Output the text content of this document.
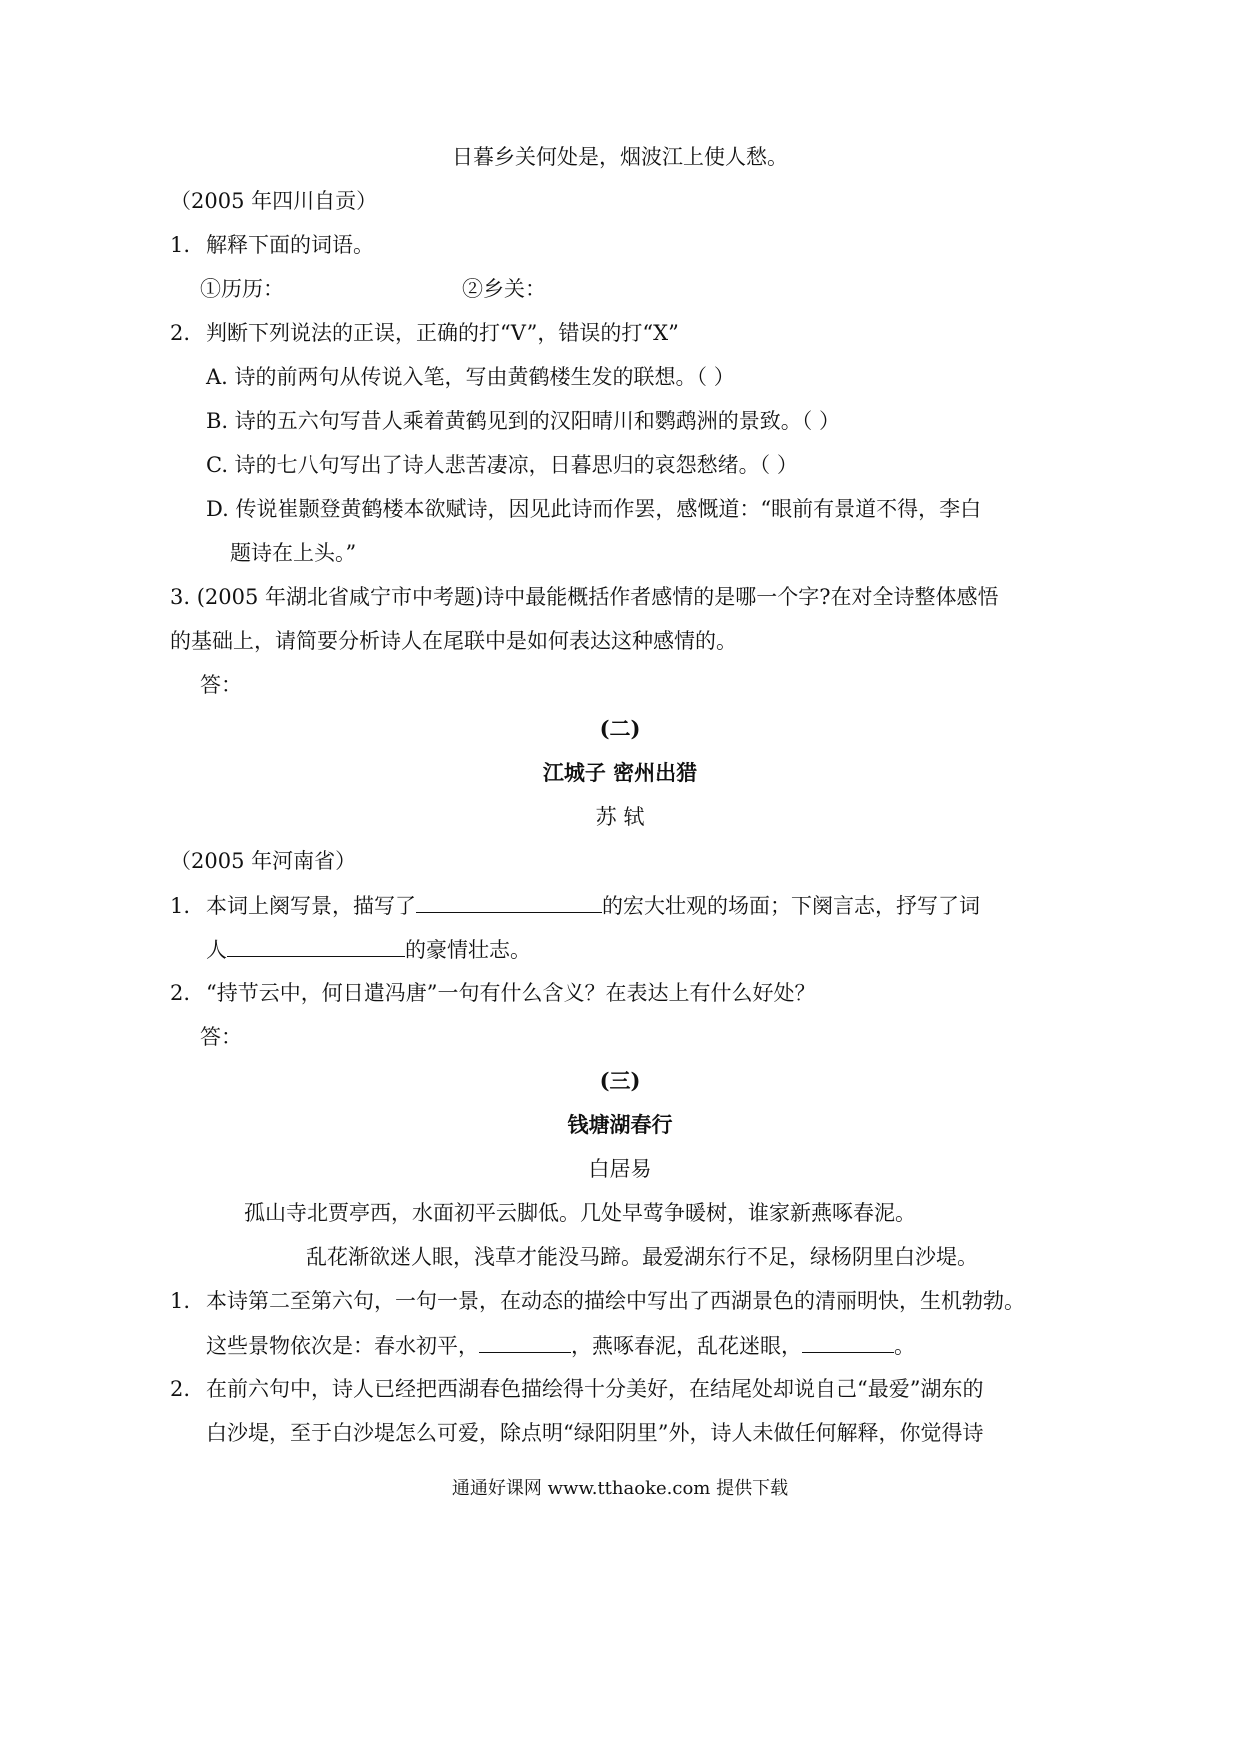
日暮乡关何处是，烟波江上使人愁。
（2005 年四川自贡）
1. 解释下面的词语。
①历历：	②乡关：
2. 判断下列说法的正误，正确的打“V”，错误的打“X”
A. 诗的前两句从传说入笔，写由黄鹤楼生发的联想。（ ）
B. 诗的五六句写昔人乘着黄鹤见到的汉阳晴川和鹦鹉洲的景致。（ ）
C. 诗的七八句写出了诗人悲苦凄凉，日暮思归的哀怨愁绪。（ ）
D. 传说崔颢登黄鹤楼本欲赋诗，因见此诗而作罢，感慨道：“眼前有景道不得，李白
题诗在上头。”
3. (2005 年湖北省咸宁市中考题)诗中最能概括作者感情的是哪一个字?在对全诗整体感悟
的基础上，请简要分析诗人在尾联中是如何表达这种感情的。
答：
(二)
江城子 密州出猎
苏 轼
（2005 年河南省）
1. 本词上阕写景，描写了	的宏大壮观的场面；下阕言志，抒写了词
人	的豪情壮志。
2. “持节云中，何日遣冯唐”一句有什么含义？在表达上有什么好处？
答：
(三)
钱塘湖春行
白居易
孤山寺北贾亭西，水面初平云脚低。几处早莺争暖树，谁家新燕啄春泥。
乱花渐欲迷人眼，浅草才能没马蹄。最爱湖东行不足，绿杨阴里白沙堤。
1. 本诗第二至第六句，一句一景，在动态的描绘中写出了西湖景色的清丽明快，生机勃勃。
这些景物依次是：春水初平，	，燕啄春泥，乱花迷眼，	。
2. 在前六句中，诗人已经把西湖春色描绘得十分美好，在结尾处却说自己“最爱”湖东的
白沙堤，至于白沙堤怎么可爱，除点明“绿阳阴里”外，诗人未做任何解释，你觉得诗
通通好课网 www.tthaoke.com 提供下载
